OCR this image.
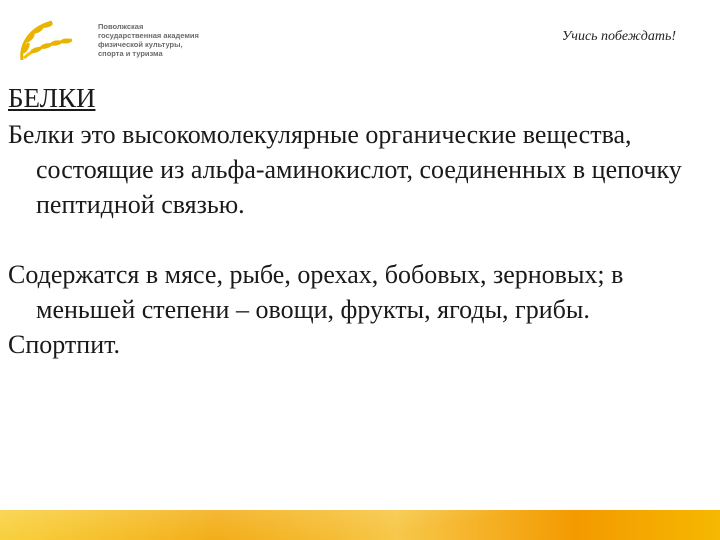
Поволжская
государственная академия
физической культуры,
спорта и туризма
Учись побеждать!
БЕЛКИ

Белки это высокомолекулярные органические вещества, состоящие из альфа-аминокислот, соединенных в цепочку пептидной связью.

Содержатся в мясе, рыбе, орехах, бобовых, зерновых; в меньшей степени – овощи, фрукты, ягоды, грибы.

Спортпит.
